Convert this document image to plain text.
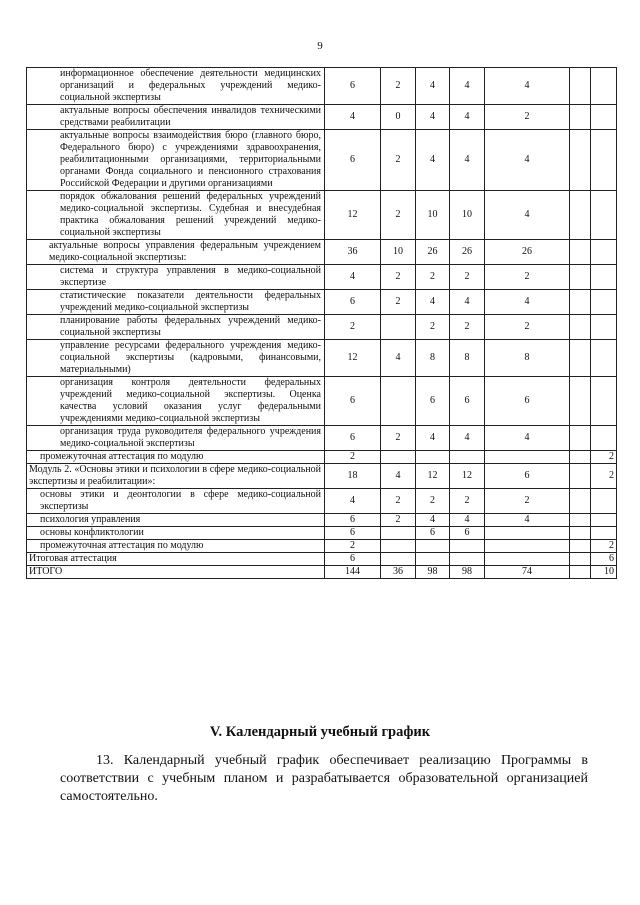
9
информационное обеспечение деятельности медицинских организаций и федеральных учреждений медико-социальной экспертизы	6	2	4	4	4		
актуальные вопросы обеспечения инвалидов техническими средствами реабилитации	4	0	4	4	2		
актуальные вопросы взаимодействия бюро (главного бюро, Федерального бюро) с учреждениями здравоохранения, реабилитационными организациями, территориальными органами Фонда социального и пенсионного страхования Российской Федерации и другими организациями	6	2	4	4	4		
порядок обжалования решений федеральных учреждений медико-социальной экспертизы. Судебная и внесудебная практика обжалования решений учреждений медико-социальной экспертизы	12	2	10	10	4		
актуальные вопросы управления федеральным учреждением медико-социальной экспертизы:	36	10	26	26	26		
система и структура управления в медико-социальной экспертизе	4	2	2	2	2		
статистические показатели деятельности федеральных учреждений медико-социальной экспертизы	6	2	4	4	4		
планирование работы федеральных учреждений медико-социальной экспертизы	2		2	2	2		
управление ресурсами федерального учреждения медико-социальной экспертизы (кадровыми, финансовыми, материальными)	12	4	8	8	8		
организация контроля деятельности федеральных учреждений медико-социальной экспертизы. Оценка качества условий оказания услуг федеральными учреждениями медико-социальной экспертизы	6		6	6	6		
организация труда руководителя федерального учреждения медико-социальной экспертизы	6	2	4	4	4		
промежуточная аттестация по модулю	2						2
Модуль 2. «Основы этики и психологии в сфере медико-социальной экспертизы и реабилитации»:	18	4	12	12	6		2
основы этики и деонтологии в сфере медико-социальной экспертизы	4	2	2	2	2		
психология управления	6	2	4	4	4		
основы конфликтологии	6		6	6			
промежуточная аттестация по модулю	2						2
Итоговая аттестация	6						6
ИТОГО	144	36	98	98	74		10
V. Календарный учебный график
13. Календарный учебный график обеспечивает реализацию Программы в соответствии с учебным планом и разрабатывается образовательной организацией самостоятельно.
